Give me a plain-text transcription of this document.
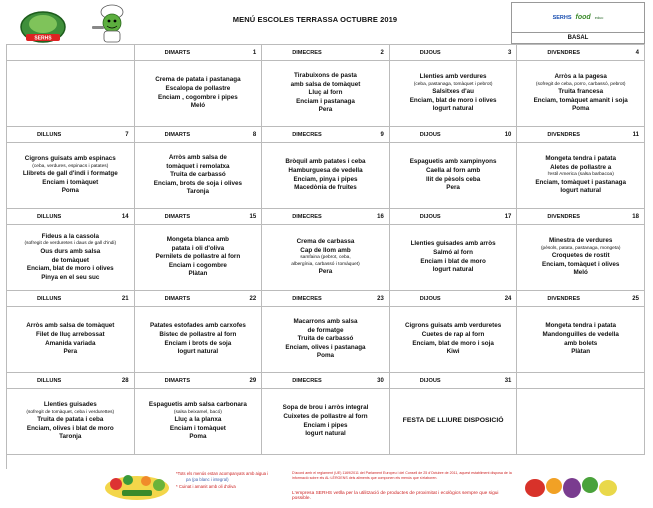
SERHS
MENÚ ESCOLES TERRASSA OCTUBRE 2019	SERHS food educ
BASAL
DIMARTS	1
Crema de patata i pastanaga
Escalopa de pollastre
Enciam , cogombre i pipes
Meló
DIMECRES	2
Tirabuixons de pasta
amb salsa de tomàquet
Lluç al forn
Enciam i pastanaga
Pera
DIJOUS	3
Llenties amb verdures
(ceba, pastanaga, tomàquet i pebrot)
Salsitxes d'au
Enciam, blat de moro i olives
Iogurt natural
DIVENDRES	4
Arròs a la pagesa
(sofregit de ceba, porro, carbassó, pebrot)
Truita francesa
Enciam, tomàquet amanit i soja
Poma
DILLUNS	7
Cigrons guisats amb espinacs
(ceba, verdures, espinacs i patates)
Llibrets de gall d'indi i formatge
Enciam i tomàquet
Poma
DIMARTS	8
Arròs amb salsa de
tomàquet i remolatxa
Truita de carbassó
Enciam, brots de soja i olives
Taronja
DIMECRES	9
Bròquil amb patates i ceba
Hamburguesa de vedella
Enciam, pinya i pipes
Macedònia de fruites
DIJOUS	10
Espaguetis amb xampinyons
Caella al forn amb
llit de pèsols ceba
Pera
DIVENDRES	11
Mongeta tendra i patata
Aletes de pollastre a
l'estil America (salsa barbacoa)
Enciam, tomàquet i pastanaga
Iogurt natural
DILLUNS	14
Fideus a la cassola
(sofregit de verduretes i daus de gall d'indi)
Ous durs amb salsa
de tomàquet
Enciam, blat de moro i olives
Pinya en el seu suc
DIMARTS	15
Mongeta blanca amb
patata i oli d'oliva
Pernilets de pollastre al forn
Enciam i cogombre
Plàtan
DIMECRES	16
Crema de carbassa
Cap de llom amb
samfaina (pebrot, ceba,
albergínia, carbassó i tomàquet)
Pera
DIJOUS	17
Llenties guisades amb arròs
Salmó al forn
Enciam i blat de moro
Iogurt natural
DIVENDRES	18
Minestra de verdures
(pèsols, patata, pastanaga, mongeta)
Croquetes de rostit
Enciam, tomàquet i olives
Meló
DILLUNS	21
Arròs amb salsa de tomàquet
Filet de lluç arrebossat
Amanida variada
Pera
DIMARTS	22
Patates estofades amb carxofes
Bistec de pollastre al forn
Enciam i brots de soja
Iogurt natural
DIMECRES	23
Macarrons amb salsa
de formatge
Truita de carbassó
Enciam, olives i pastanaga
Poma
DIJOUS	24
Cigrons guisats amb verduretes
Cuetes de rap al forn
Enciam, blat de moro i soja
Kiwi
DIVENDRES	25
Mongeta tendra i patata
Mandonguilles de vedella
amb bolets
Plàtan
DILLUNS	28
Llenties guisades
(sofregit de tomàquet, ceba i verdurettes)
Truita de patata i ceba
Enciam, olives i blat de moro
Taronja
DIMARTS	29
Espaguetis amb salsa carbonara
(salsa beixamel, bacó)
Lluç a la planxa
Enciam i tomàquet
Poma
DIMECRES	30
Sopa de brou i arròs integral
Cuixetes de pollastre al forn
Enciam i pipes
Iogurt natural
DIJOUS	31
FESTA DE LLIURE DISPOSICIÓ
*Tots els menús estan acompanyats amb aigua i
pa (pa blanc i integral)
* Cuinat i amanit amb oli d'oliva
D'acord amb el reglament (UE) 1169/2011 del Parlament Europeu i del Consell de 25 d'Octubre de 2011, aquest establiment disposa de la informació sobre els AL·LÈRGENS dels aliments que componen els menús que s'elaboren.
L'empresa SERHS vetlla per la utilització de productes de proximitat i ecològics sempre que sigui possible.
